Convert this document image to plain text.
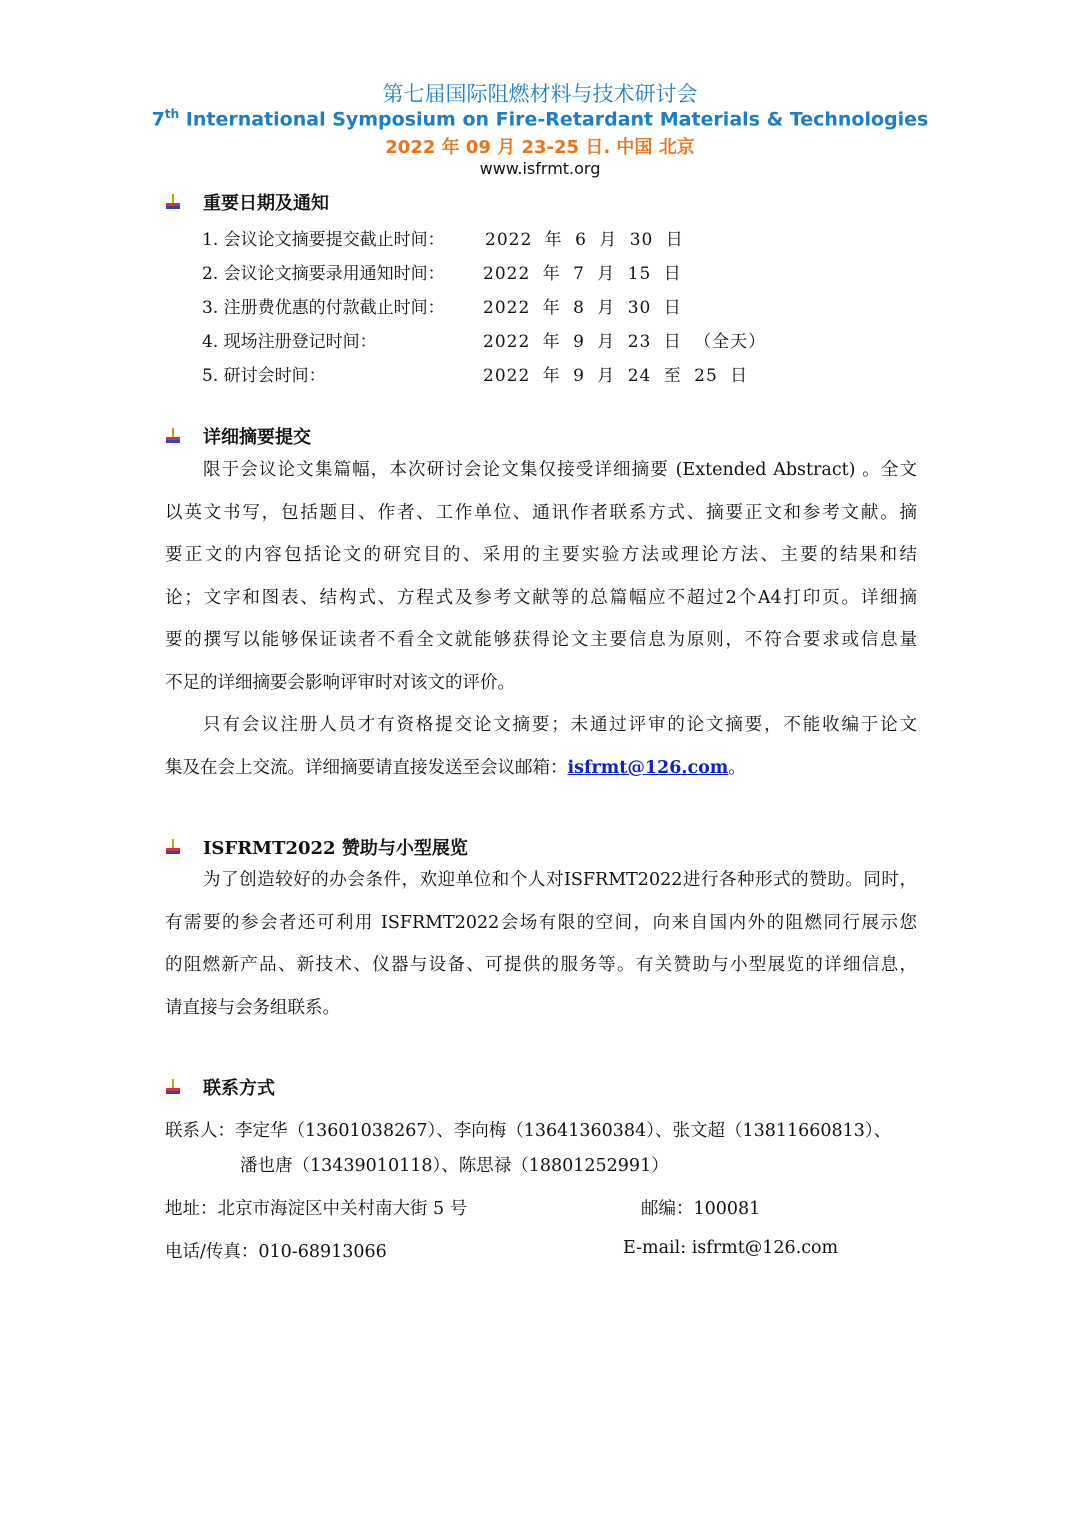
第七届国际阻燃材料与技术研讨会
7th International Symposium on Fire-Retardant Materials & Technologies
2022 年 09 月 23-25 日. 中国 北京
www.isfrmt.org
重要日期及通知
1. 会议论文摘要提交截止时间： 2022 年 6 月 30 日
2. 会议论文摘要录用通知时间： 2022 年 7 月 15 日
3. 注册费优惠的付款截止时间： 2022 年 8 月 30 日
4. 现场注册登记时间：	2022 年 9 月 23 日 （全天）
5. 研讨会时间：	2022 年 9 月 24 至 25 日
详细摘要提交
限于会议论文集篇幅，本次研讨会论文集仅接受详细摘要 (Extended Abstract) 。全文
以英文书写，包括题目、作者、工作单位、通讯作者联系方式、摘要正文和参考文献。摘
要正文的内容包括论文的研究目的、采用的主要实验方法或理论方法、主要的结果和结
论；文字和图表、结构式、方程式及参考文献等的总篇幅应不超过2个A4打印页。详细摘
要的撰写以能够保证读者不看全文就能够获得论文主要信息为原则，不符合要求或信息量
不足的详细摘要会影响评审时对该文的评价。
只有会议注册人员才有资格提交论文摘要；未通过评审的论文摘要，不能收编于论文
集及在会上交流。详细摘要请直接发送至会议邮箱：isfrmt@126.com。
ISFRMT2022 赞助与小型展览
为了创造较好的办会条件，欢迎单位和个人对ISFRMT2022进行各种形式的赞助。同时，
有需要的参会者还可利用 ISFRMT2022会场有限的空间，向来自国内外的阻燃同行展示您
的阻燃新产品、新技术、仪器与设备、可提供的服务等。有关赞助与小型展览的详细信息，
请直接与会务组联系。
联系方式
联系人：李定华（13601038267）、李向梅（13641360384）、张文超（13811660813）、
潘也唐（13439010118）、陈思禄（18801252991）
地址：北京市海淀区中关村南大街 5 号	邮编：100081
电话/传真：010-68913066	E-mail: isfrmt@126.com
